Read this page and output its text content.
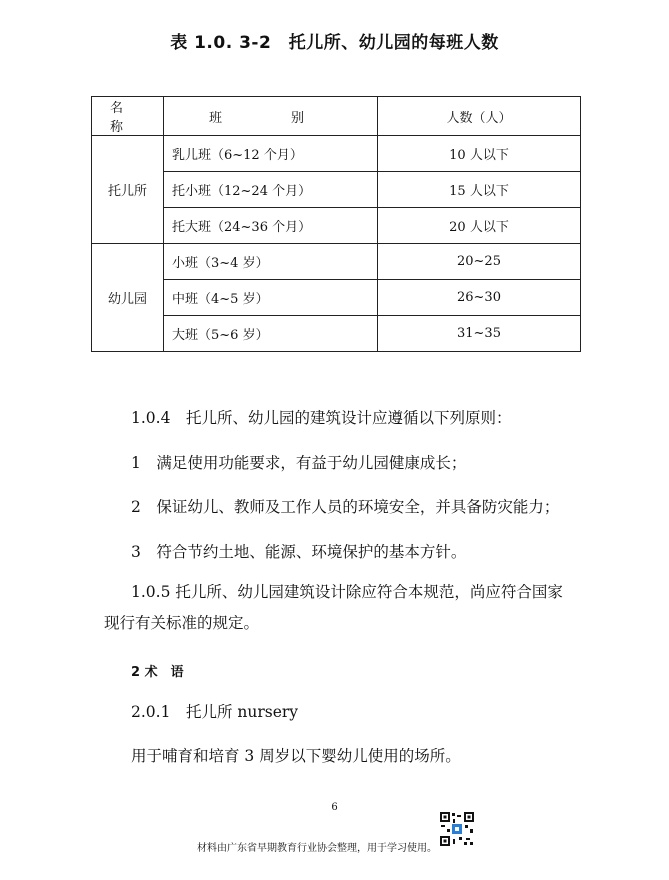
表 1.0. 3-2　托儿所、幼儿园的每班人数
名　称	班　别	人数（人）
托儿所	乳儿班（6~12 个月）	10 人以下
	托小班（12~24 个月）	15 人以下
	托大班（24~36 个月）	20 人以下
幼儿园	小班（3~4 岁）	20~25
	中班（4~5 岁）	26~30
	大班（5~6 岁）	31~35

1.0.4　托儿所、幼儿园的建筑设计应遵循以下列原则：

1　满足使用功能要求，有益于幼儿园健康成长；

2　保证幼儿、教师及工作人员的环境安全，并具备防灾能力；

3　符合节约土地、能源、环境保护的基本方针。

1.0.5 托儿所、幼儿园建筑设计除应符合本规范，尚应符合国家现行有关标准的规定。

2 术　语

2.0.1　托儿所 nursery

用于哺育和培育 3 周岁以下婴幼儿使用的场所。

6
材料由广东省早期教育行业协会整理，用于学习使用。
